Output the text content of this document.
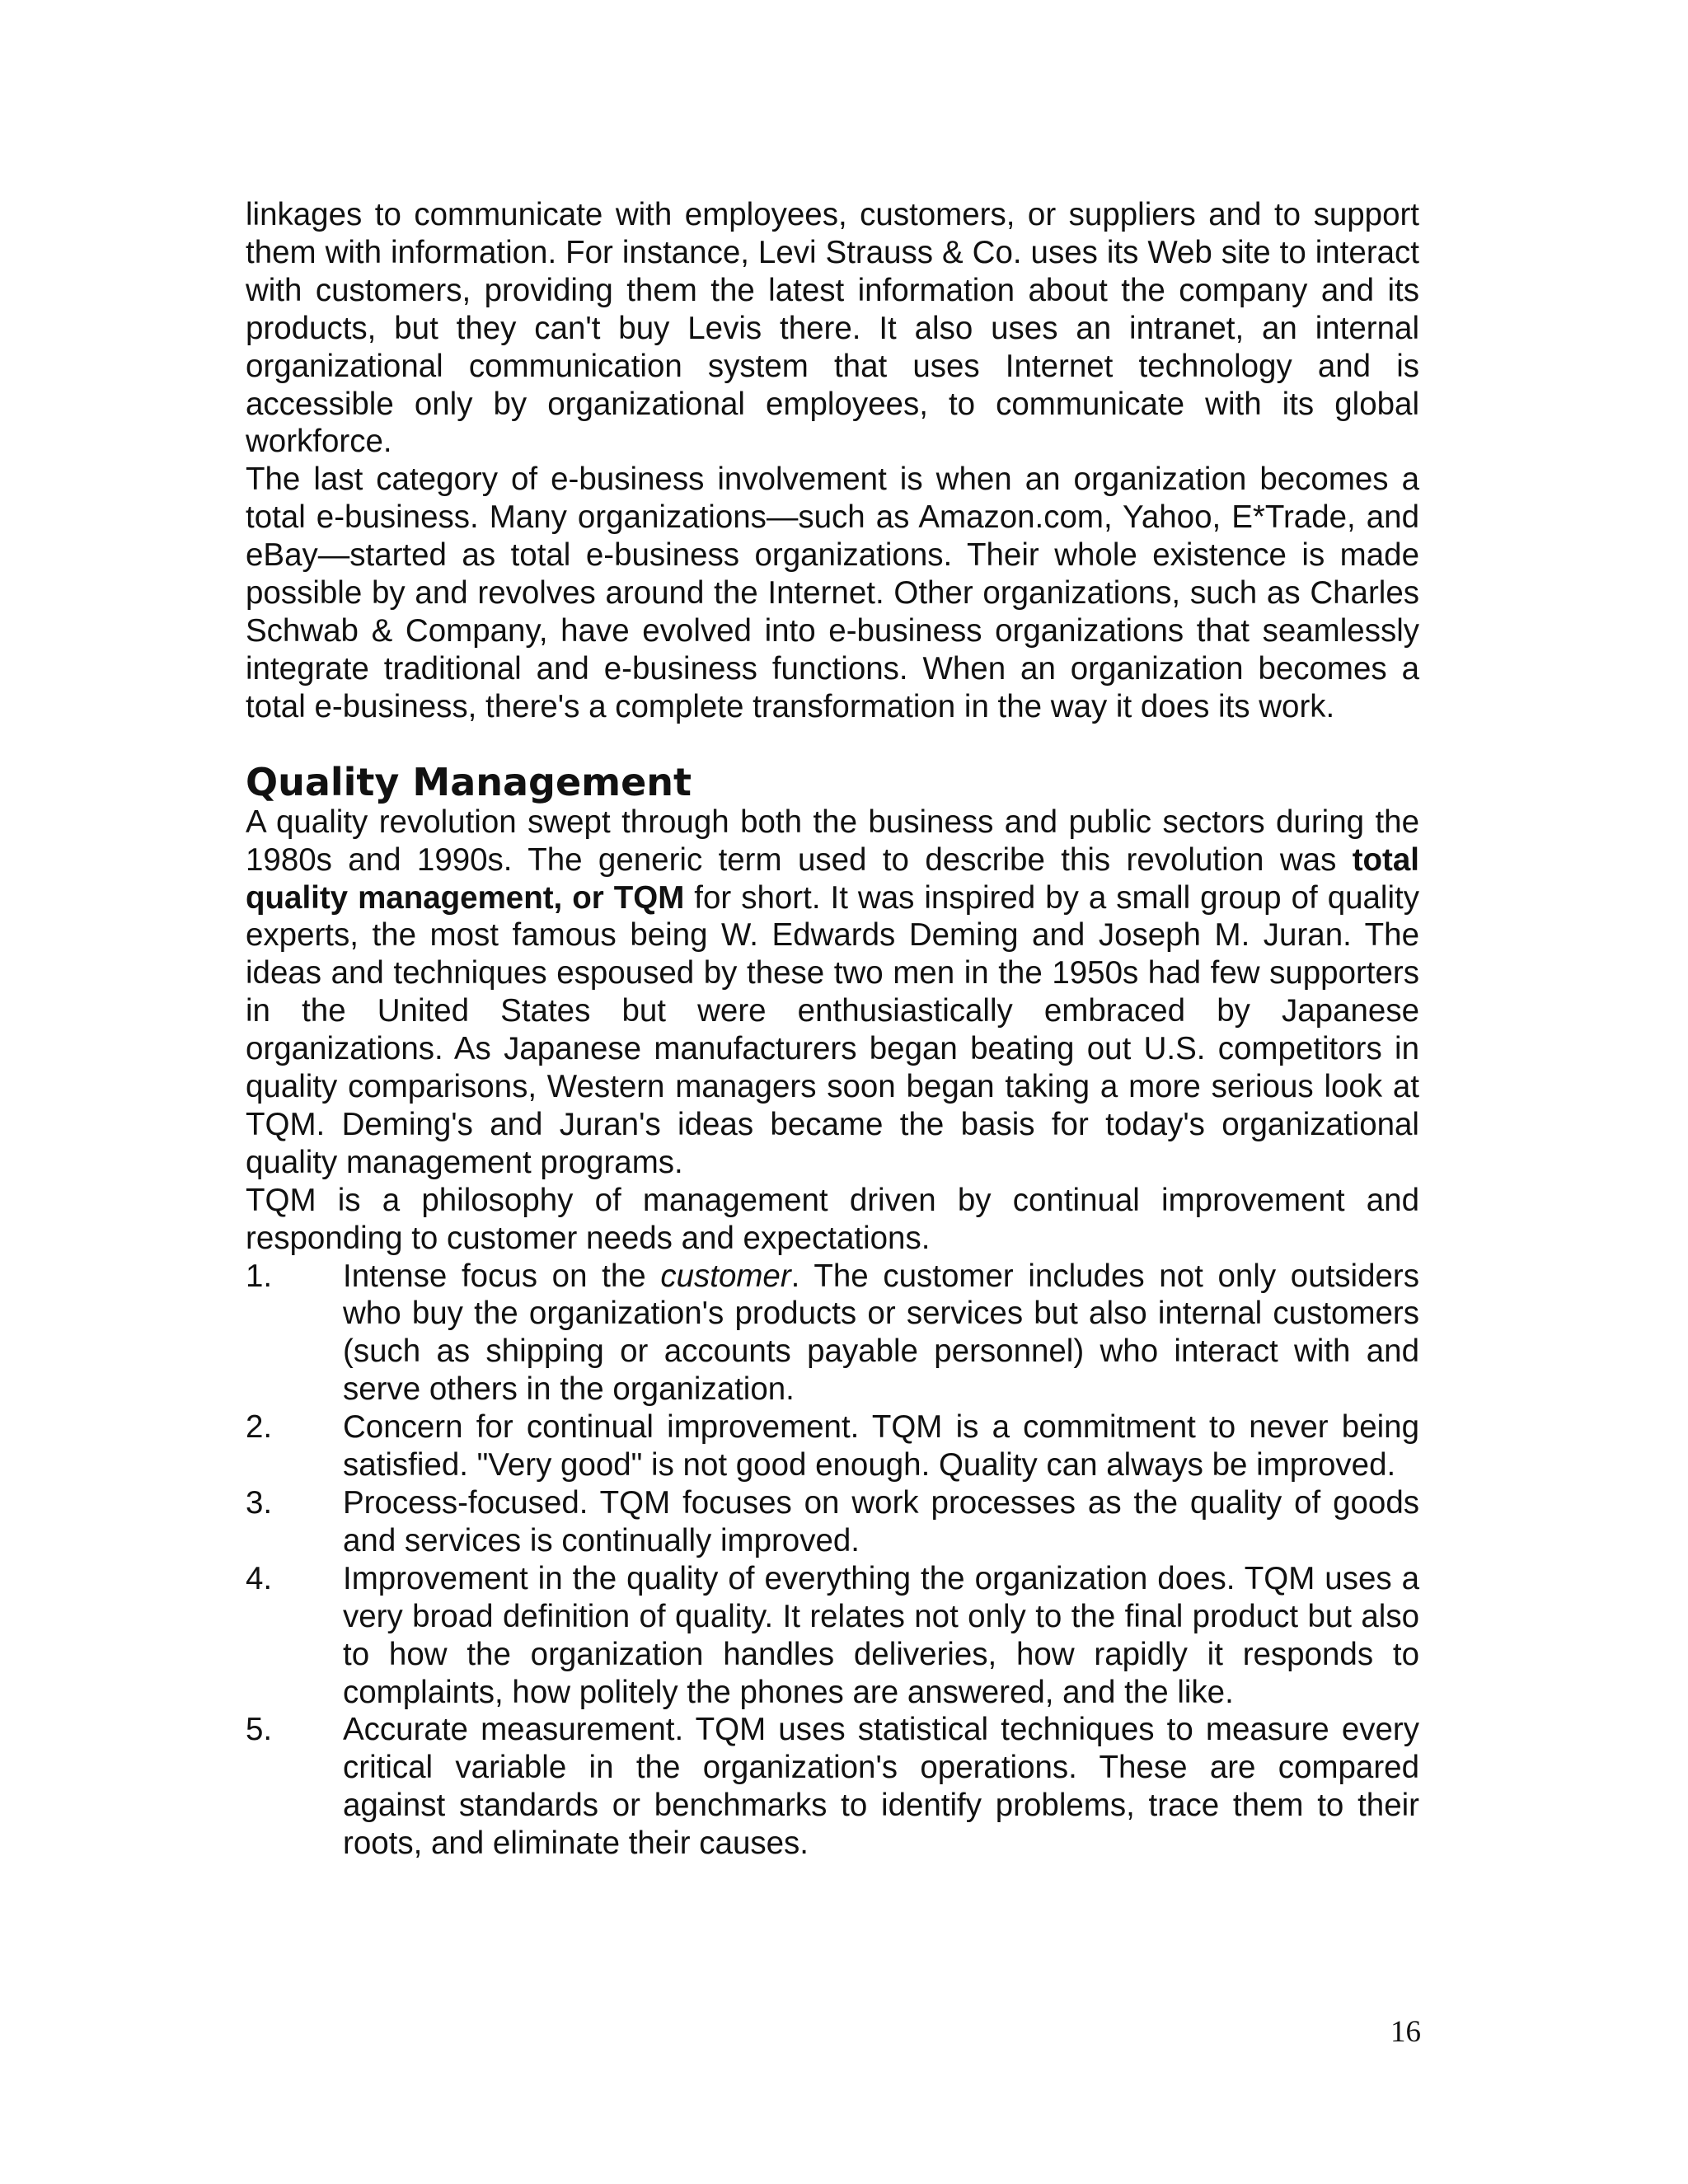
linkages to communicate with employees, customers, or suppliers and to support them with information. For instance, Levi Strauss & Co. uses its Web site to interact with customers, providing them the latest information about the company and its products, but they can't buy Levis there. It also uses an intranet, an internal organizational communication system that uses Internet technology and is accessible only by organizational employees, to communicate with its global workforce.

The last category of e-business involvement is when an organization becomes a total e-business. Many organizations—such as Amazon.com, Yahoo, E*Trade, and eBay—started as total e-business organizations. Their whole existence is made possible by and revolves around the Internet. Other organizations, such as Charles Schwab & Company, have evolved into e-business organizations that seamlessly integrate traditional and e-business functions. When an organization becomes a total e-business, there's a complete transformation in the way it does its work.

Quality Management

A quality revolution swept through both the business and public sectors during the 1980s and 1990s. The generic term used to describe this revolution was total quality management, or TQM for short. It was inspired by a small group of quality experts, the most famous being W. Edwards Deming and Joseph M. Juran. The ideas and techniques espoused by these two men in the 1950s had few supporters in the United States but were enthusiastically embraced by Japanese organizations. As Japanese manufacturers began beating out U.S. competitors in quality comparisons, Western managers soon began taking a more serious look at TQM. Deming's and Juran's ideas became the basis for today's organizational quality management programs.

TQM is a philosophy of management driven by continual improvement and responding to customer needs and expectations.

1. Intense focus on the customer. The customer includes not only outsiders who buy the organization's products or services but also internal customers (such as shipping or accounts payable personnel) who interact with and serve others in the organization.
2. Concern for continual improvement. TQM is a commitment to never being satisfied. "Very good" is not good enough. Quality can always be improved.
3. Process-focused. TQM focuses on work processes as the quality of goods and services is continually improved.
4. Improvement in the quality of everything the organization does. TQM uses a very broad definition of quality. It relates not only to the final product but also to how the organization handles deliveries, how rapidly it responds to complaints, how politely the phones are answered, and the like.
5. Accurate measurement. TQM uses statistical techniques to measure every critical variable in the organization's operations. These are compared against standards or benchmarks to identify problems, trace them to their roots, and eliminate their causes.
16
